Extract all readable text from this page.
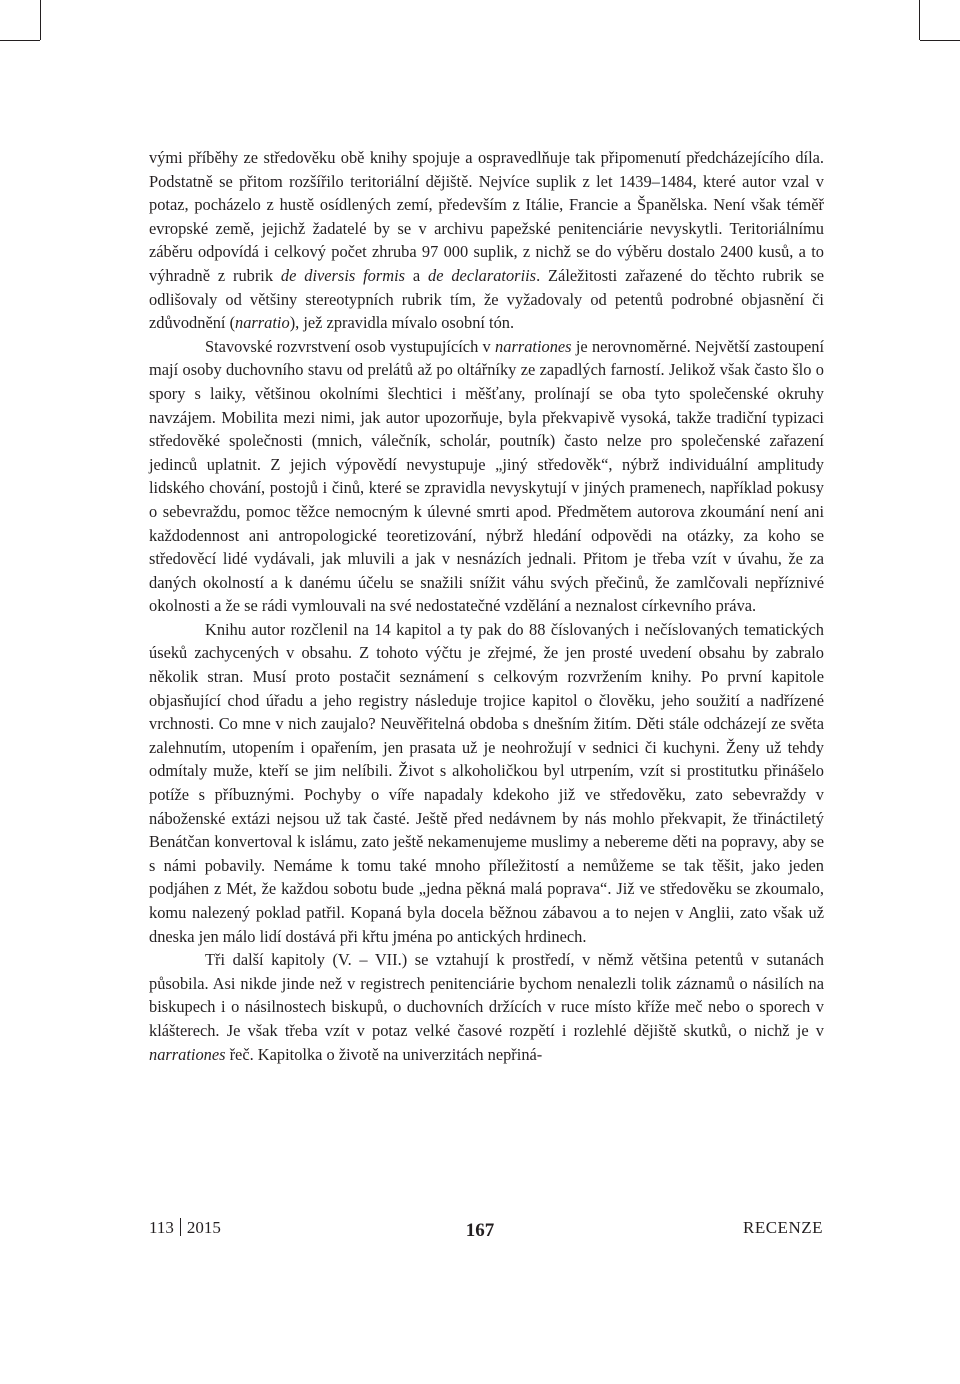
vými příběhy ze středověku obě knihy spojuje a ospravedlňuje tak připomenutí předcházejícího díla. Podstatně se přitom rozšířilo teritoriální dějiště. Nejvíce suplik z let 1439–1484, které autor vzal v potaz, pocházelo z hustě osídlených zemí, především z Itálie, Francie a Španělska. Není však téměř evropské země, jejichž žadatelé by se v archivu papežské penitenciárie nevyskytli. Teritoriálnímu záběru odpovídá i celkový počet zhruba 97 000 suplik, z nichž se do výběru dostalo 2400 kusů, a to výhradně z rubrik de diversis formis a de declaratoriis. Záležitosti zařazené do těchto rubrik se odlišovaly od většiny stereotypních rubrik tím, že vyžadovaly od petentů podrobné objasnění či zdůvodnění (narratio), jež zpravidla mívalo osobní tón.

Stavovské rozvrstvení osob vystupujících v narrationes je nerovnoměrné. Největší zastoupení mají osoby duchovního stavu od prelátů až po oltářníky ze zapadlých farností. Jelikož však často šlo o spory s laiky, většinou okolními šlechtici i měšťany, prolínají se oba tyto společenské okruhy navzájem. Mobilita mezi nimi, jak autor upozorňuje, byla překvapivě vysoká, takže tradiční typizaci středověké společnosti (mnich, válečník, scholár, poutník) často nelze pro společenské zařazení jedinců uplatnit. Z jejich výpovědí nevystupuje „jiný středověk“, nýbrž individuální amplitudy lidského chování, postojů i činů, které se zpravidla nevyskytují v jiných pramenech, například pokusy o sebevraždu, pomoc těžce nemocným k úlevné smrti apod. Předmětem autorova zkoumání není ani každodennost ani antropologické teoretizování, nýbrž hledání odpovědi na otázky, za koho se středověcí lidé vydávali, jak mluvili a jak v nesnázích jednali. Přitom je třeba vzít v úvahu, že za daných okolností a k danému účelu se snažili snížit váhu svých přečinů, že zamlčovali nepříznivé okolnosti a že se rádi vymlouvali na své nedostatečné vzdělání a neznalost církevního práva.

Knihu autor rozčlenil na 14 kapitol a ty pak do 88 číslovaných i nečíslovaných tematických úseků zachycených v obsahu. Z tohoto výčtu je zřejmé, že jen prosté uvedení obsahu by zabralo několik stran. Musí proto postačit seznámení s celkovým rozvržením knihy. Po první kapitole objasňující chod úřadu a jeho registry následuje trojice kapitol o člověku, jeho soužití a nadřízené vrchnosti. Co mne v nich zaujalo? Neuvěřitelná obdoba s dnešním žitím. Děti stále odcházejí ze světa zalehnutím, utopením i opařením, jen prasata už je neohrožují v sednici či kuchyni. Ženy už tehdy odmítaly muže, kteří se jim nelíbili. Život s alkoholičkou byl utrpením, vzít si prostitutku přinášelo potíže s příbuznými. Pochyby o víře napadaly kdekoho již ve středověku, zato sebevraždy v náboženské extázi nejsou už tak časté. Ještě před nedávnem by nás mohlo překvapit, že třináctiletý Benátčan konvertoval k islámu, zato ještě nekamenujeme muslimy a nebereme děti na popravy, aby se s námi pobavily. Nemáme k tomu také mnoho příležitostí a nemůžeme se tak těšit, jako jeden podjáhen z Mét, že každou sobotu bude „jedna pěkná malá poprava“. Již ve středověku se zkoumalo, komu nalezený poklad patřil. Kopaná byla docela běžnou zábavou a to nejen v Anglii, zato však už dneska jen málo lidí dostává při křtu jména po antických hrdinech.

Tři další kapitoly (V. – VII.) se vztahují k prostředí, v němž většina petentů v sutanách působila. Asi nikde jinde než v registrech penitenciárie bychom nenalezli tolik záznamů o násilích na biskupech i o násilnostech biskupů, o duchovních držících v ruce místo kříže meč nebo o sporech v klášterech. Je však třeba vzít v potaz velké časové rozpětí i rozlehlé dějiště skutků, o nichž je v narrationes řeč. Kapitolka o životě na univerzitách nepřiná-

113 2015	167	RECENZE
